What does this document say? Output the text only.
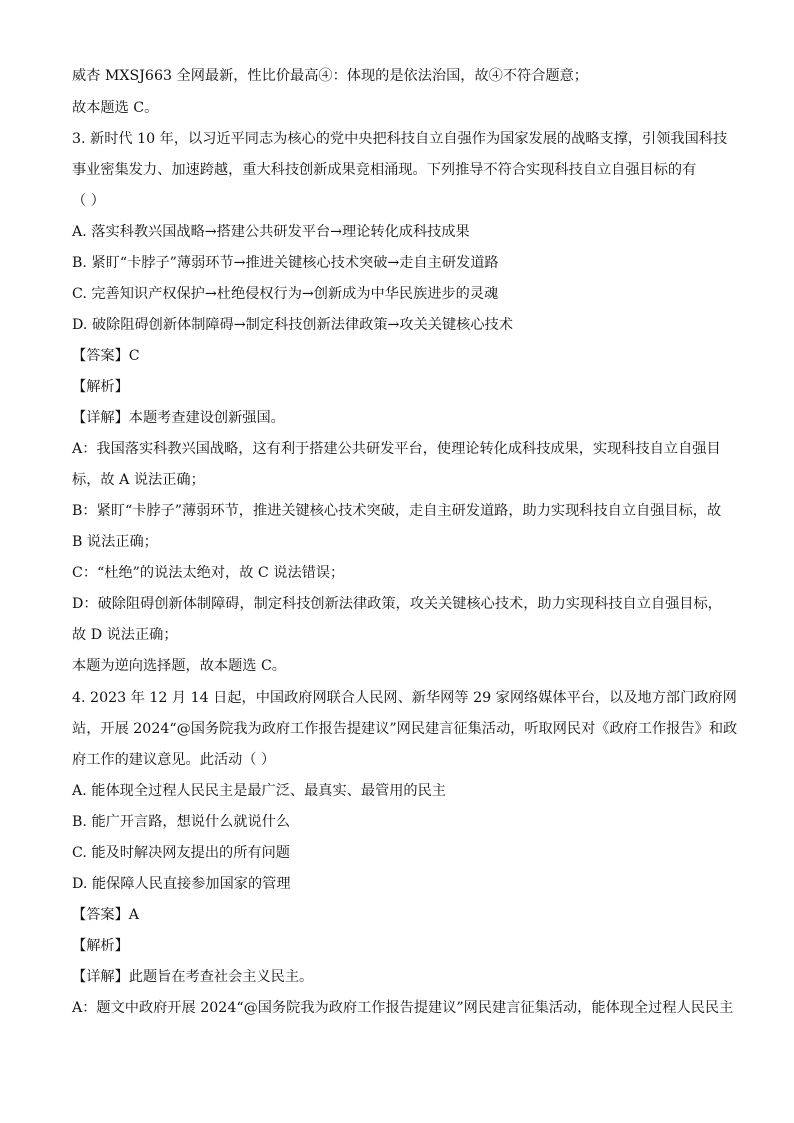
威杏 MXSJ663 全网最新，性比价最高④：体现的是依法治国，故④不符合题意；
故本题选 C。
3. 新时代 10 年，以习近平同志为核心的党中央把科技自立自强作为国家发展的战略支撑，引领我国科技
事业密集发力、加速跨越，重大科技创新成果竞相涌现。下列推导不符合实现科技自立自强目标的有
（ ）
A. 落实科教兴国战略→搭建公共研发平台→理论转化成科技成果
B. 紧盯“卡脖子”薄弱环节→推进关键核心技术突破→走自主研发道路
C. 完善知识产权保护→杜绝侵权行为→创新成为中华民族进步的灵魂
D. 破除阻碍创新体制障碍→制定科技创新法律政策→攻关关键核心技术
【答案】C
【解析】
【详解】本题考查建设创新强国。
A：我国落实科教兴国战略，这有利于搭建公共研发平台，使理论转化成科技成果，实现科技自立自强目
标，故 A 说法正确；
B：紧盯“卡脖子”薄弱环节，推进关键核心技术突破，走自主研发道路，助力实现科技自立自强目标，故
B 说法正确；
C：“杜绝”的说法太绝对，故 C 说法错误；
D：破除阻碍创新体制障碍，制定科技创新法律政策，攻关关键核心技术，助力实现科技自立自强目标，
故 D 说法正确；
本题为逆向选择题，故本题选 C。
4. 2023 年 12 月 14 日起，中国政府网联合人民网、新华网等 29 家网络媒体平台，以及地方部门政府网
站，开展 2024“@国务院我为政府工作报告提建议”网民建言征集活动，听取网民对《政府工作报告》和政
府工作的建议意见。此活动（ ）
A. 能体现全过程人民民主是最广泛、最真实、最管用的民主
B. 能广开言路，想说什么就说什么
C. 能及时解决网友提出的所有问题
D. 能保障人民直接参加国家的管理
【答案】A
【解析】
【详解】此题旨在考查社会主义民主。
A：题文中政府开展 2024“@国务院我为政府工作报告提建议”网民建言征集活动，能体现全过程人民民主
